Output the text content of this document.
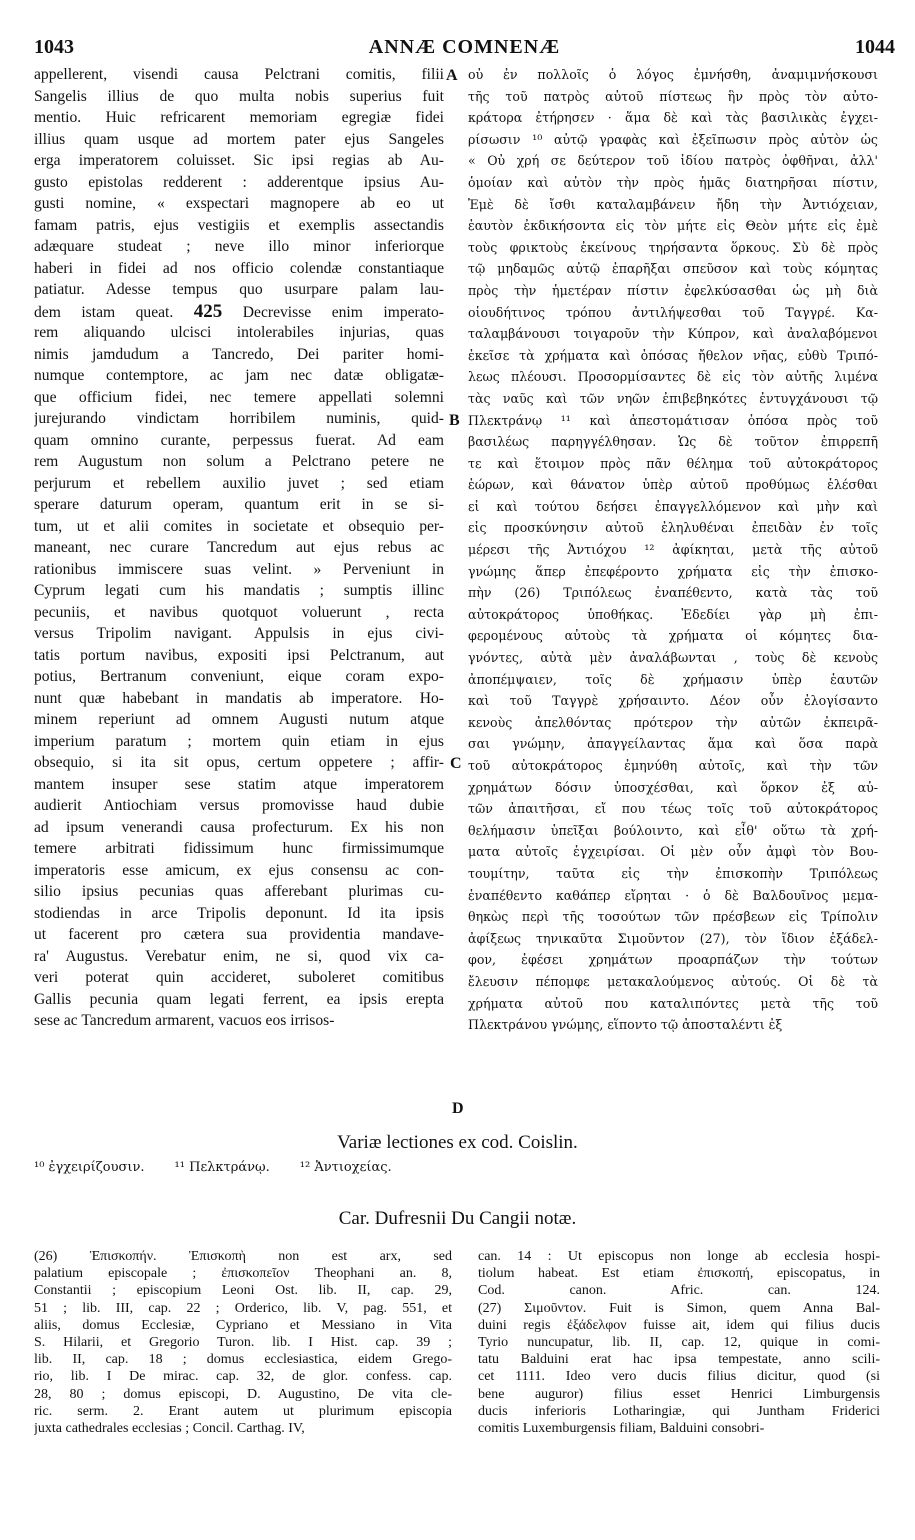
1043	ANNÆ COMNENÆ	1044
appellerent, visendi causa Pelctrani comitis, filii
Sangelis illius de quo multa nobis superius fuit
mentio. Huic refricarent memoriam egregiæ fidei
illius quam usque ad mortem pater ejus Sangeles
erga imperatorem coluisset. Sic ipsi regias ab Au-
gusto epistolas redderent : adderentque ipsius Au-
gusti nomine, « exspectari magnopere ab eo ut
famam patris, ejus vestigiis et exemplis assectandis
adæquare studeat ; neve illo minor inferiorque
haberi in fidei ad nos officio colendæ constantiaque
patiatur. Adesse tempus quo usurpare palam lau-
dem istam queat. 425 Decrevisse enim imperato-
rem aliquando ulcisci intolerabiles injurias, quas
nimis jamdudum a Tancredo, Dei pariter homi-
numque contemptore, ac jam nec datæ obligatæ-
que officium fidei, nec temere appellati solemni
jurejurando vindictam horribilem numinis, quid-
quam omnino curante, perpessus fuerat. Ad eam
rem Augustum non solum a Pelctrano petere ne
perjurum et rebellem auxilio juvet ; sed etiam
sperare daturum operam, quantum erit in se si-
tum, ut et alii comites in societate et obsequio per-
maneant, nec curare Tancredum aut ejus rebus ac
rationibus immiscere suas velint. » Perveniunt in
Cyprum legati cum his mandatis ; sumptis illinc
pecuniis, et navibus quotquot voluerunt , recta
versus Tripolim navigant. Appulsis in ejus civi-
tatis portum navibus, expositi ipsi Pelctranum, aut
potius, Bertranum conveniunt, eique coram expo-
nunt quæ habebant in mandatis ab imperatore. Ho-
minem reperiunt ad omnem Augusti nutum atque
imperium paratum ; mortem quin etiam in ejus
obsequio, si ita sit opus, certum oppetere ; affir-
mantem insuper sese statim atque imperatorem
audierit Antiochiam versus promovisse haud dubie
ad ipsum venerandi causa profecturum. Ex his non
temere arbitrati fidissimum hunc firmissimumque
imperatoris esse amicum, ex ejus consensu ac con-
silio ipsius pecunias quas afferebant plurimas cu-
stodiendas in arce Tripolis deponunt. Id ita ipsis
ut facerent pro cætera sua providentia mandave-
ra' Augustus. Verebatur enim, ne si, quod vix ca-
veri poterat quin accideret, suboleret comitibus
Gallis pecunia quam legati ferrent, ea ipsis erepta
sese ac Tancredum armarent, vacuos eos irrisos-
οὐ ἐν πολλοῖς ὁ λόγος ἐμνήσθη, ἀναμιμνήσκουσι
τῆς τοῦ πατρὸς αὐτοῦ πίστεως ἣν πρὸς τὸν αὐτο-
κράτορα ἐτήρησεν · ἅμα δὲ καὶ τὰς βασιλικὰς ἐγχει-
ρίσωσιν ¹⁰ αὐτῷ γραφὰς καὶ ἐξεῖπωσιν πρὸς αὐτὸν ὡς
« Οὐ χρή σε δεύτερον τοῦ ἰδίου πατρὸς ὀφθῆναι, ἀλλ'
ὁμοίαν καὶ αὐτὸν τὴν πρὸς ἡμᾶς διατηρῆσαι πίστιν,
Ἐμὲ δὲ ἴσθι καταλαμβάνειν ἤδη τὴν Ἀντιόχειαν,
ἑαυτὸν ἐκδικήσοντα εἰς τὸν μήτε εἰς Θεὸν μήτε εἰς ἐμὲ
τοὺς φρικτοὺς ἐκείνους τηρήσαντα ὅρκους. Σὺ δὲ πρὸς
τῷ μηδαμῶς αὐτῷ ἐπαρῆξαι σπεῦσον καὶ τοὺς κόμητας
πρὸς τὴν ἡμετέραν πίστιν ἐφελκύσασθαι ὡς μὴ διὰ
οἱουδήτινος τρόπου ἀντιλήψεσθαι τοῦ Ταγγρέ. Κα-
ταλαμβάνουσι τοιγαροῦν τὴν Κύπρον, καὶ ἀναλαβόμενοι
ἐκεῖσε τὰ χρήματα καὶ ὁπόσας ἤθελον νῆας, εὐθὺ Τριπό-
λεως πλέουσι. Προσορμίσαντες δὲ εἰς τὸν αὐτῆς λιμένα
τὰς ναῦς καὶ τῶν νηῶν ἐπιβεβηκότες ἐντυγχάνουσι τῷ
Πλεκτράνῳ ¹¹ καὶ ἀπεστομάτισαν ὁπόσα πρὸς τοῦ
βασιλέως παρηγγέλθησαν. Ὡς δὲ τοῦτον ἐπιρρεπῆ
τε καὶ ἕτοιμον πρὸς πᾶν θέλημα τοῦ αὐτοκράτορος
ἑώρων, καὶ θάνατον ὑπὲρ αὐτοῦ προθύμως ἑλέσθαι
εἰ καὶ τούτου δεήσει ἐπαγγελλόμενον καὶ μὴν καὶ
εἰς προσκύνησιν αὐτοῦ ἐληλυθέναι ἐπειδὰν ἐν τοῖς
μέρεσι τῆς Ἀντιόχου ¹² ἀφίκηται, μετὰ τῆς αὐτοῦ
γνώμης ἅπερ ἐπεφέροντο χρήματα εἰς τὴν ἐπισκο-
πὴν (26) Τριπόλεως ἐναπέθεντο, κατὰ τὰς τοῦ
αὐτοκράτορος ὑποθήκας. Ἐδεδίει γὰρ μὴ ἐπι-
φερομένους αὐτοὺς τὰ χρήματα οἱ κόμητες δια-
γνόντες, αὐτὰ μὲν ἀναλάβωνται , τοὺς δὲ κενοὺς
ἀποπέμψαιεν, τοῖς δὲ χρήμασιν ὑπὲρ ἑαυτῶν
καὶ τοῦ Ταγγρὲ χρήσαιντο. Δέον οὖν ἐλογίσαντο
κενοὺς ἀπελθόντας πρότερον τὴν αὐτῶν ἐκπειρᾶ-
σαι γνώμην, ἀπαγγείλαντας ἅμα καὶ ὅσα παρὰ
τοῦ αὐτοκράτορος ἐμηνύθη αὐτοῖς, καὶ τὴν τῶν
χρημάτων δόσιν ὑποσχέσθαι, καὶ ὅρκον ἐξ αὐ-
τῶν ἀπαιτῆσαι, εἴ που τέως τοῖς τοῦ αὐτοκράτορος
θελήμασιν ὑπεῖξαι βούλοιντο, καὶ εἶθ' οὕτω τὰ χρή-
ματα αὐτοῖς ἐγχειρίσαι. Οἱ μὲν οὖν ἀμφὶ τὸν Βου-
τουμίτην, ταῦτα εἰς τὴν ἐπισκοπὴν Τριπόλεως
ἐναπέθεντο καθάπερ εἴρηται · ὁ δὲ Βαλδουῖνος μεμα-
θηκὼς περὶ τῆς τοσούτων τῶν πρέσβεων εἰς Τρίπολιν
ἀφίξεως τηνικαῦτα Σιμοῦντον (27), τὸν ἴδιον ἐξάδελ-
φον, ἐφέσει χρημάτων προαρπάζων τὴν τούτων
ἔλευσιν πέπομφε μετακαλούμενος αὐτούς. Οἱ δὲ τὰ
χρήματα αὐτοῦ που καταλιπόντες μετὰ τῆς τοῦ
Πλεκτράνου γνώμης, εἵποντο τῷ ἀποσταλέντι ἐξ
A
B
C
D
Variæ lectiones ex cod. Coislin.
¹⁰ ἐγχειρίζουσιν. ¹¹ Πελκτράνῳ. ¹² Ἀντιοχείας.
Car. Dufresnii Du Cangii notæ.
(26) Ἐπισκοπήν. Ἐπισκοπὴ non est arx, sed
palatium episcopale ; ἐπισκοπεῖον Theophani an. 8,
Constantii ; episcopium Leoni Ost. lib. II, cap. 29,
51 ; lib. III, cap. 22 ; Orderico, lib. V, pag. 551, et
aliis, domus Ecclesiæ, Cypriano et Messiano in Vita
S. Hilarii, et Gregorio Turon. lib. I Hist. cap. 39 ;
lib. II, cap. 18 ; domus ecclesiastica, eidem Grego-
rio, lib. I De mirac. cap. 32, de glor. confess. cap.
28, 80 ; domus episcopi, D. Augustino, De vita cle-
ric. serm. 2. Erant autem ut plurimum episcopia
juxta cathedrales ecclesias ; Concil. Carthag. IV,
can. 14 : Ut episcopus non longe ab ecclesia hospi-
tiolum habeat. Est etiam ἐπισκοπή, episcopatus, in
Cod. canon. Afric. can. 124.
(27) Σιμοῦντον. Fuit is Simon, quem Anna Bal-
duini regis ἐξάδελφον fuisse ait, idem qui filius ducis
Tyrio nuncupatur, lib. II, cap. 12, quique in comi-
tatu Balduini erat hac ipsa tempestate, anno scili-
cet 1111. Ideo vero ducis filius dicitur, quod (si
bene auguror) filius esset Henrici Limburgensis
ducis inferioris Lotharingiæ, qui Juntham Friderici
comitis Luxemburgensis filiam, Balduini consobri-
